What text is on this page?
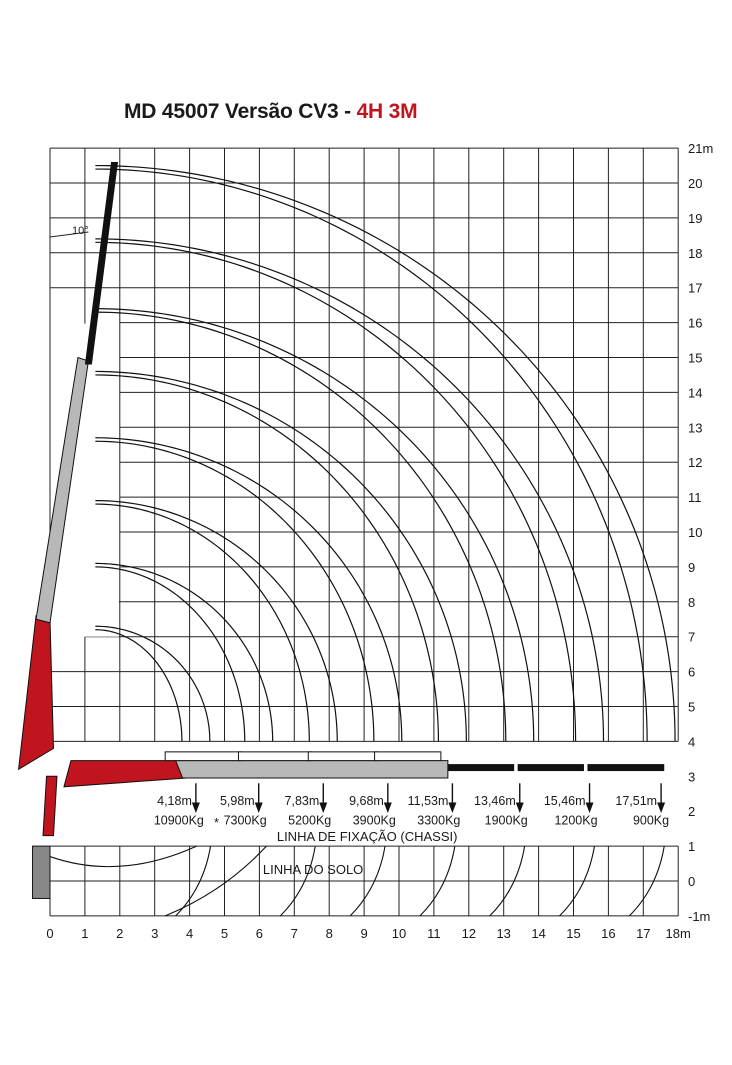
MD 45007 Versão CV3 - 4H 3M
0 1 2 3 4 5 6 7 8 9 10 11 12 13 14 15 16 17 18m
21m
20
19
18
17
16
15
14
13
12
11
10
9
8
7
6
5
4
3
2
1
0
-1m
10°
4,18m
10900Kg
5,98m
7300Kg
7,83m
5200Kg
9,68m
3900Kg
11,53m
3300Kg
13,46m
1900Kg
15,46m
1200Kg
17,51m
900Kg
*
LINHA DE FIXAÇÃO (CHASSI)
LINHA DO SOLO
